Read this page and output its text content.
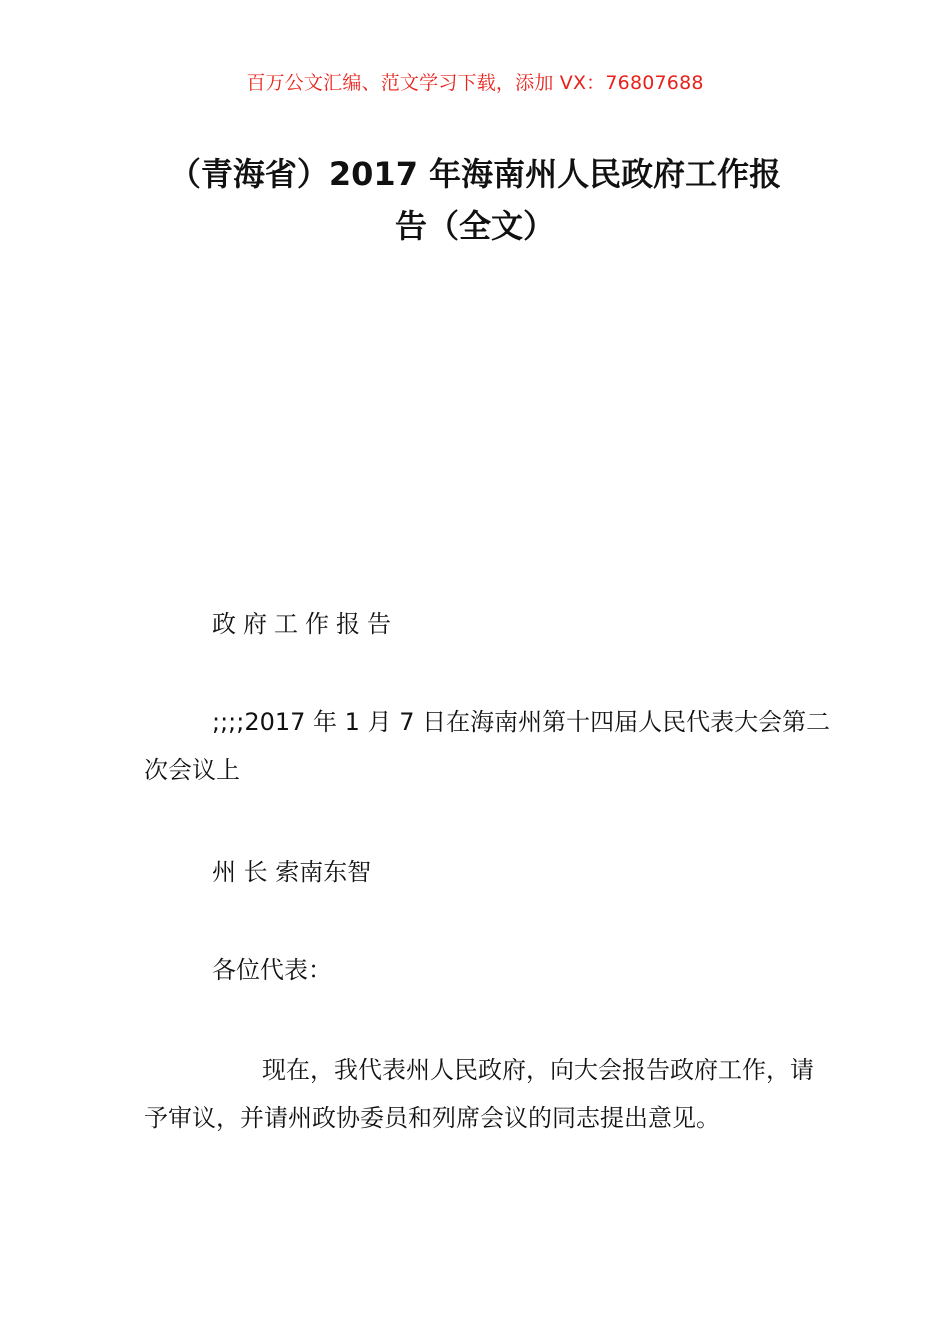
百万公文汇编、范文学习下载，添加 VX：76807688
（青海省）2017 年海南州人民政府工作报
告（全文）
政府工作报告
;;;;2017 年 1 月 7 日在海南州第十四届人民代表大会第二次会议上
州 长 索南东智
各位代表：
现在，我代表州人民政府，向大会报告政府工作，请予审议，并请州政协委员和列席会议的同志提出意见。
